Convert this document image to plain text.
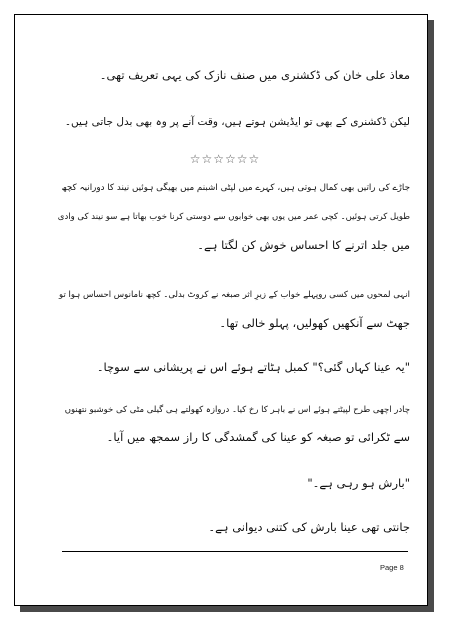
معاذ علی خان کی ڈکشنری میں صنف نازک کی یہی تعریف تھی۔
لیکن ڈکشنری کے بھی تو ایڈیشن ہوتے ہیں، وقت آنے پر وہ بھی بدل جاتی ہیں۔
☆☆☆☆☆☆
جاڑے کی راتیں بھی کمال ہوتی ہیں، کہرے میں لپٹی اشبنم میں بھیگی ہوئیں نیند کا دورانیہ کچھ
طویل کرتی ہوئیں۔ کچی عمر میں یوں بھی خوابوں سے دوستی کرنا خوب بھاتا ہے سو نیند کی وادی
میں جلد اترنے کا احساس خوش کن لگتا ہے۔
انہی لمحوں میں کسی روپہلے خواب کے زیرِ اثر صبغہ نے کروٹ بدلی۔ کچھ نامانوس احساس ہوا تو
جھٹ سے آنکھیں کھولیں، پہلو خالی تھا۔
"یہ عینا کہاں گئی؟" کمبل ہٹاتے ہوئے اس نے پریشانی سے سوچا۔
چادر اچھی طرح لپیٹتے ہوئے اس نے باہر کا رخ کیا۔ دروازہ کھولتے ہی گیلی مٹی کی خوشبو نتھنوں
سے ٹکرائی تو صبغہ کو عینا کی گمشدگی کا راز سمجھ میں آیا۔
"بارش ہو رہی ہے۔"
جانتی تھی عینا بارش کی کتنی دیوانی ہے۔
Page 8
